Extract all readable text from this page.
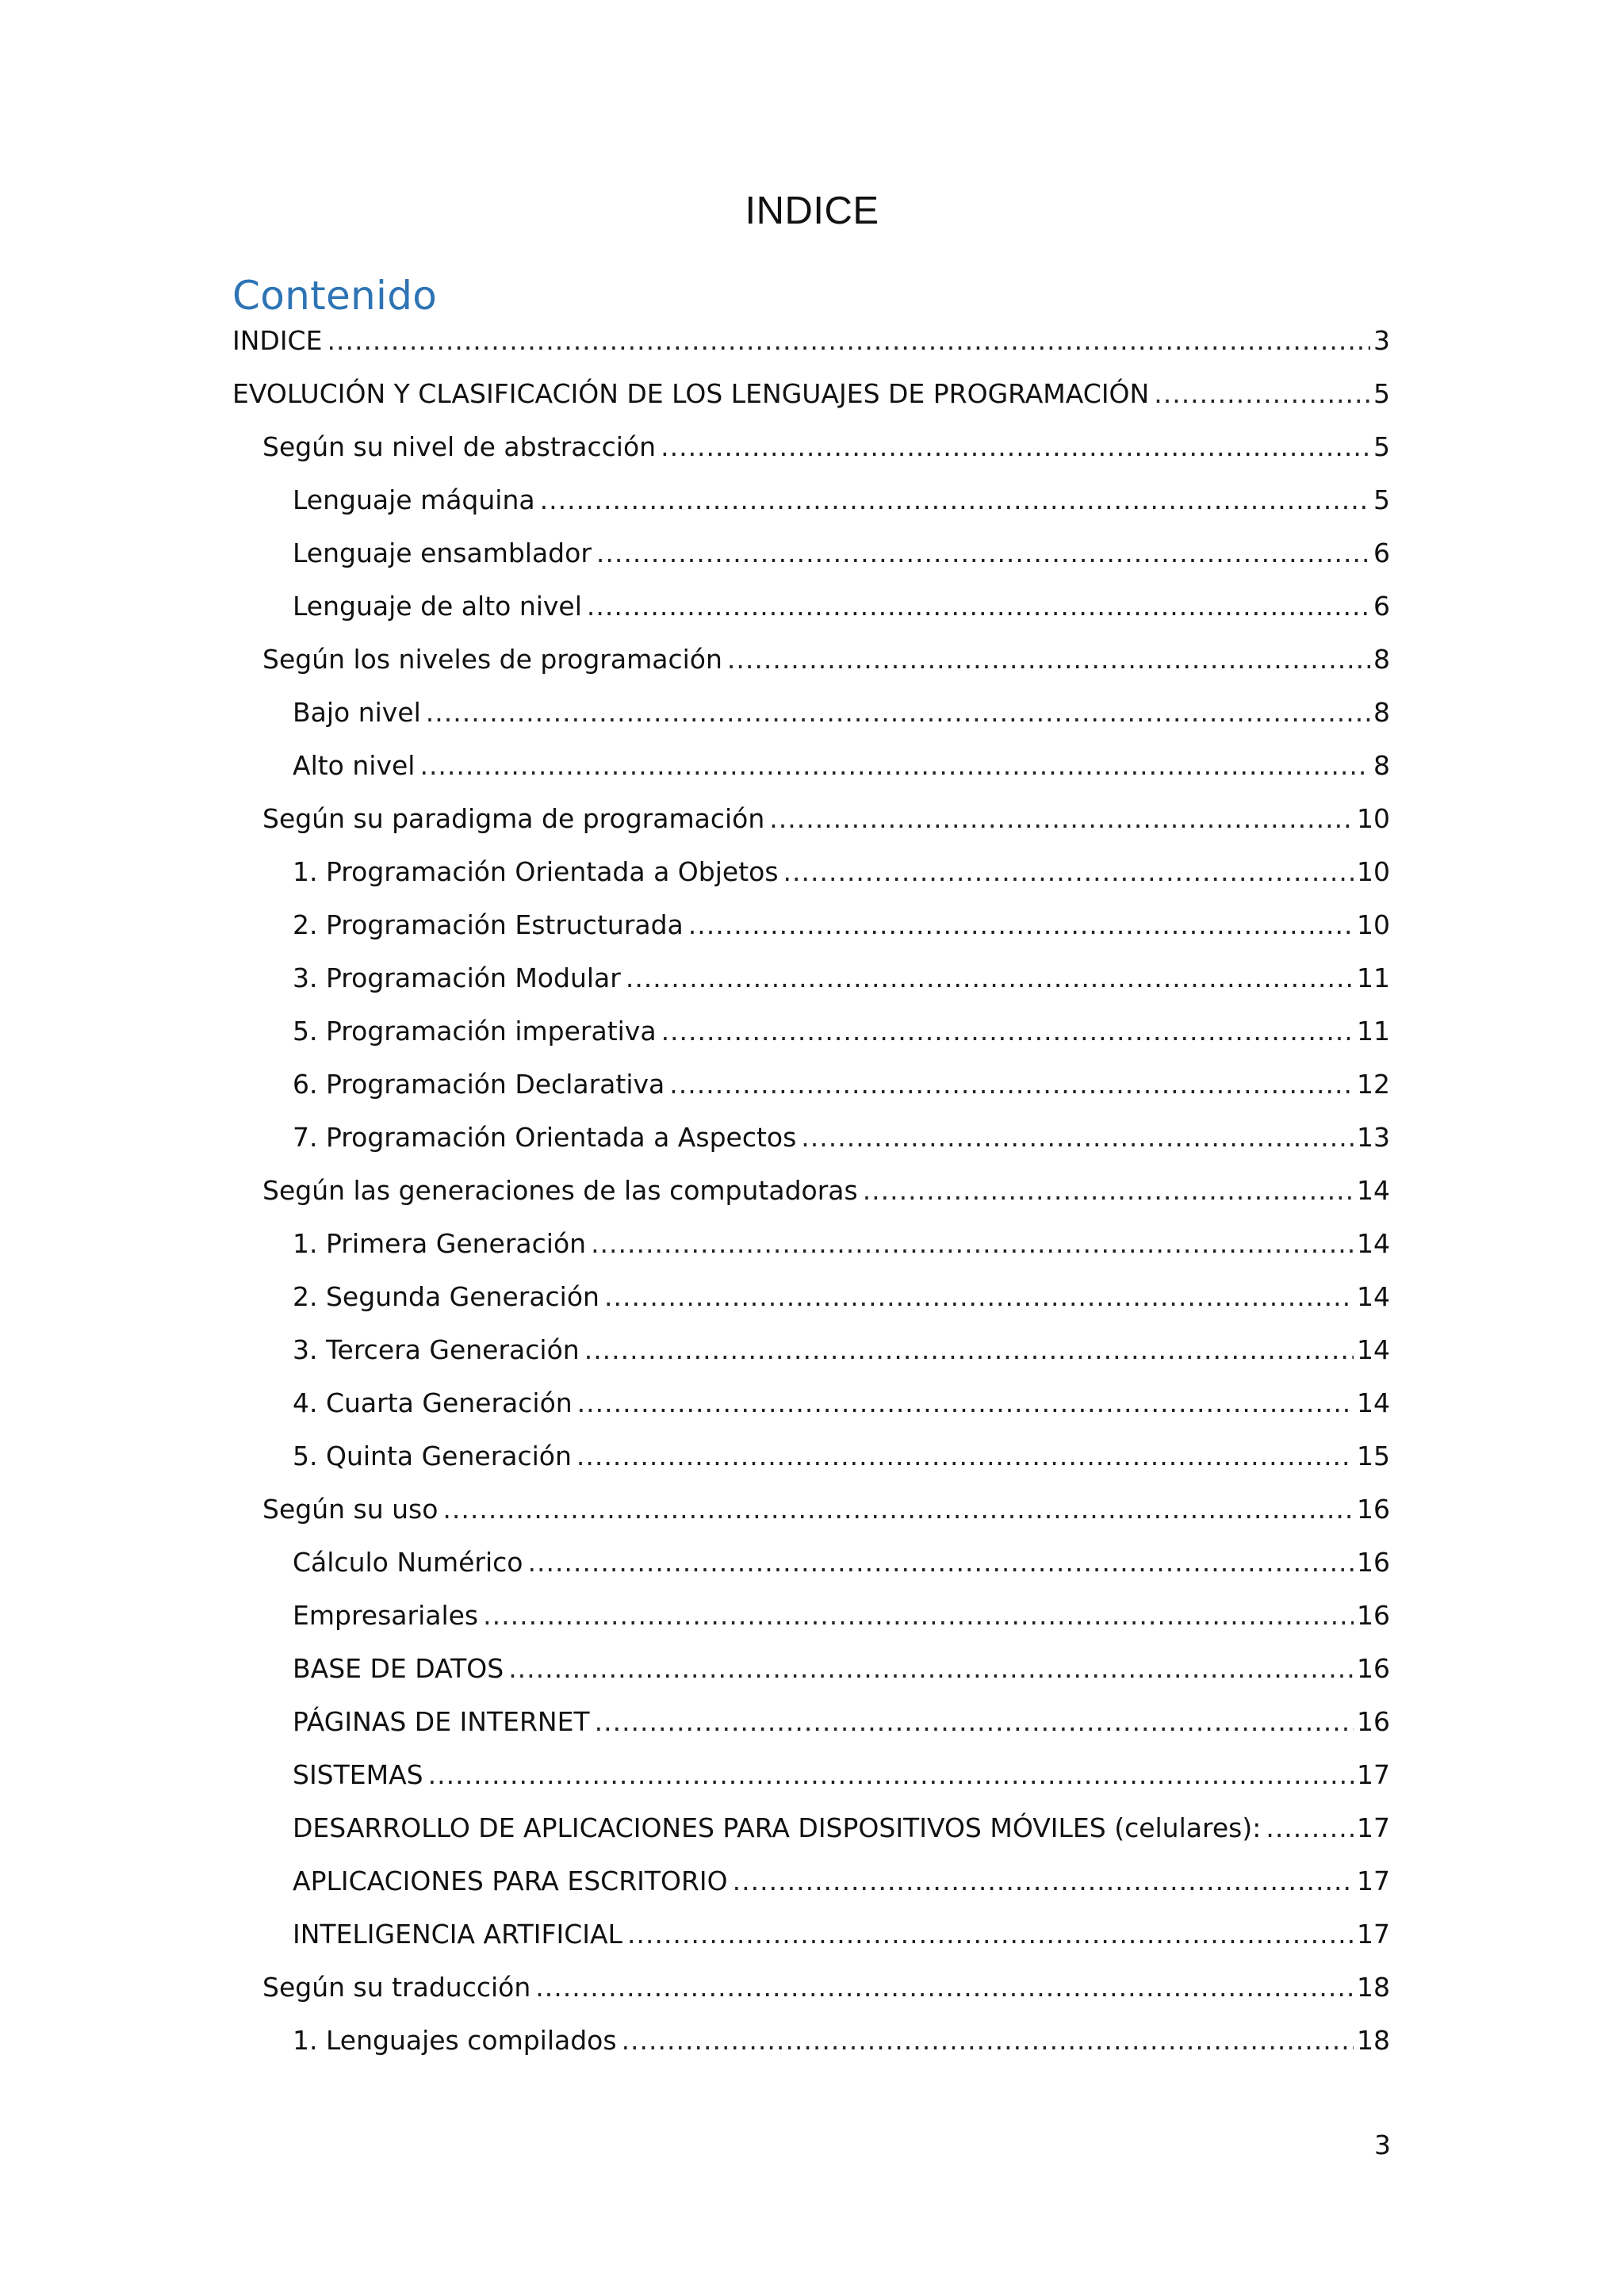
INDICE
Contenido
INDICE .....	3
EVOLUCIÓN Y CLASIFICACIÓN DE LOS LENGUAJES DE PROGRAMACIÓN .....	5
Según su nivel de abstracción .....	5
Lenguaje máquina .....	5
Lenguaje ensamblador .....	6
Lenguaje de alto nivel .....	6
Según los niveles de programación .....	8
Bajo nivel .....	8
Alto nivel .....	8
Según su paradigma de programación .....	10
1. Programación Orientada a Objetos .....	10
2. Programación Estructurada .....	10
3. Programación Modular .....	11
5. Programación imperativa .....	11
6. Programación Declarativa .....	12
7. Programación Orientada a Aspectos .....	13
Según las generaciones de las computadoras .....	14
1. Primera Generación .....	14
2. Segunda Generación .....	14
3. Tercera Generación .....	14
4. Cuarta Generación .....	14
5. Quinta Generación .....	15
Según su uso .....	16
Cálculo Numérico .....	16
Empresariales .....	16
BASE DE DATOS .....	16
PÁGINAS DE INTERNET .....	16
SISTEMAS .....	17
DESARROLLO DE APLICACIONES PARA DISPOSITIVOS MÓVILES (celulares): .....	17
APLICACIONES PARA ESCRITORIO .....	17
INTELIGENCIA ARTIFICIAL .....	17
Según su traducción .....	18
1. Lenguajes compilados .....	18
3
